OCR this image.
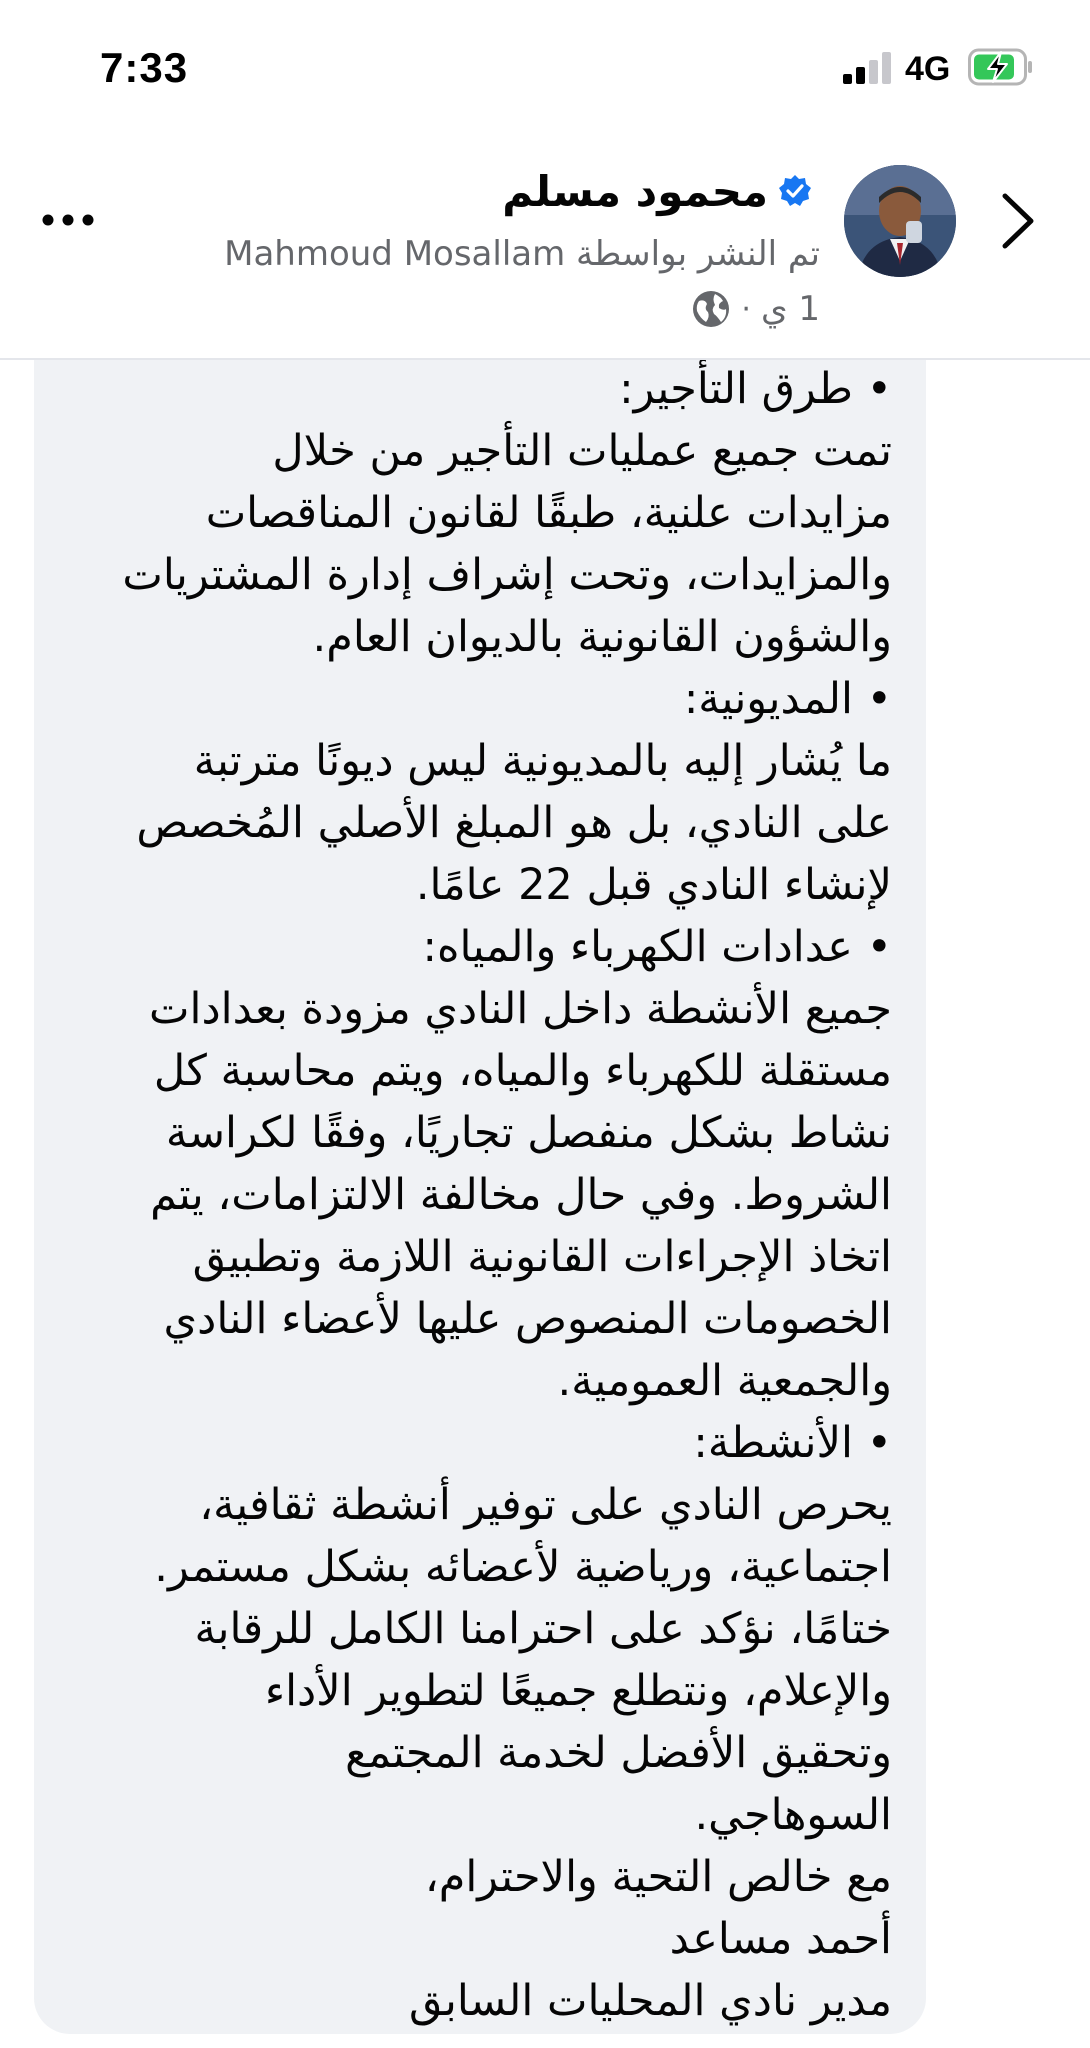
7:33	4G
محمود مسلم
تم النشر بواسطة Mahmoud Mosallam
· 1 ي
• طرق التأجير:
تمت جميع عمليات التأجير من خلال
مزايدات علنية، طبقًا لقانون المناقصات
والمزايدات، وتحت إشراف إدارة المشتريات
والشؤون القانونية بالديوان العام.
• المديونية:
ما يُشار إليه بالمديونية ليس ديونًا مترتبة
على النادي، بل هو المبلغ الأصلي المُخصص
لإنشاء النادي قبل 22 عامًا.
• عدادات الكهرباء والمياه:
جميع الأنشطة داخل النادي مزودة بعدادات
مستقلة للكهرباء والمياه، ويتم محاسبة كل
نشاط بشكل منفصل تجاريًا، وفقًا لكراسة
الشروط. وفي حال مخالفة الالتزامات، يتم
اتخاذ الإجراءات القانونية اللازمة وتطبيق
الخصومات المنصوص عليها لأعضاء النادي
والجمعية العمومية.
• الأنشطة:
يحرص النادي على توفير أنشطة ثقافية،
اجتماعية، ورياضية لأعضائه بشكل مستمر.
ختامًا، نؤكد على احترامنا الكامل للرقابة
والإعلام، ونتطلع جميعًا لتطوير الأداء
وتحقيق الأفضل لخدمة المجتمع
السوهاجي.
مع خالص التحية والاحترام،
أحمد مساعد
مدير نادي المحليات السابق
